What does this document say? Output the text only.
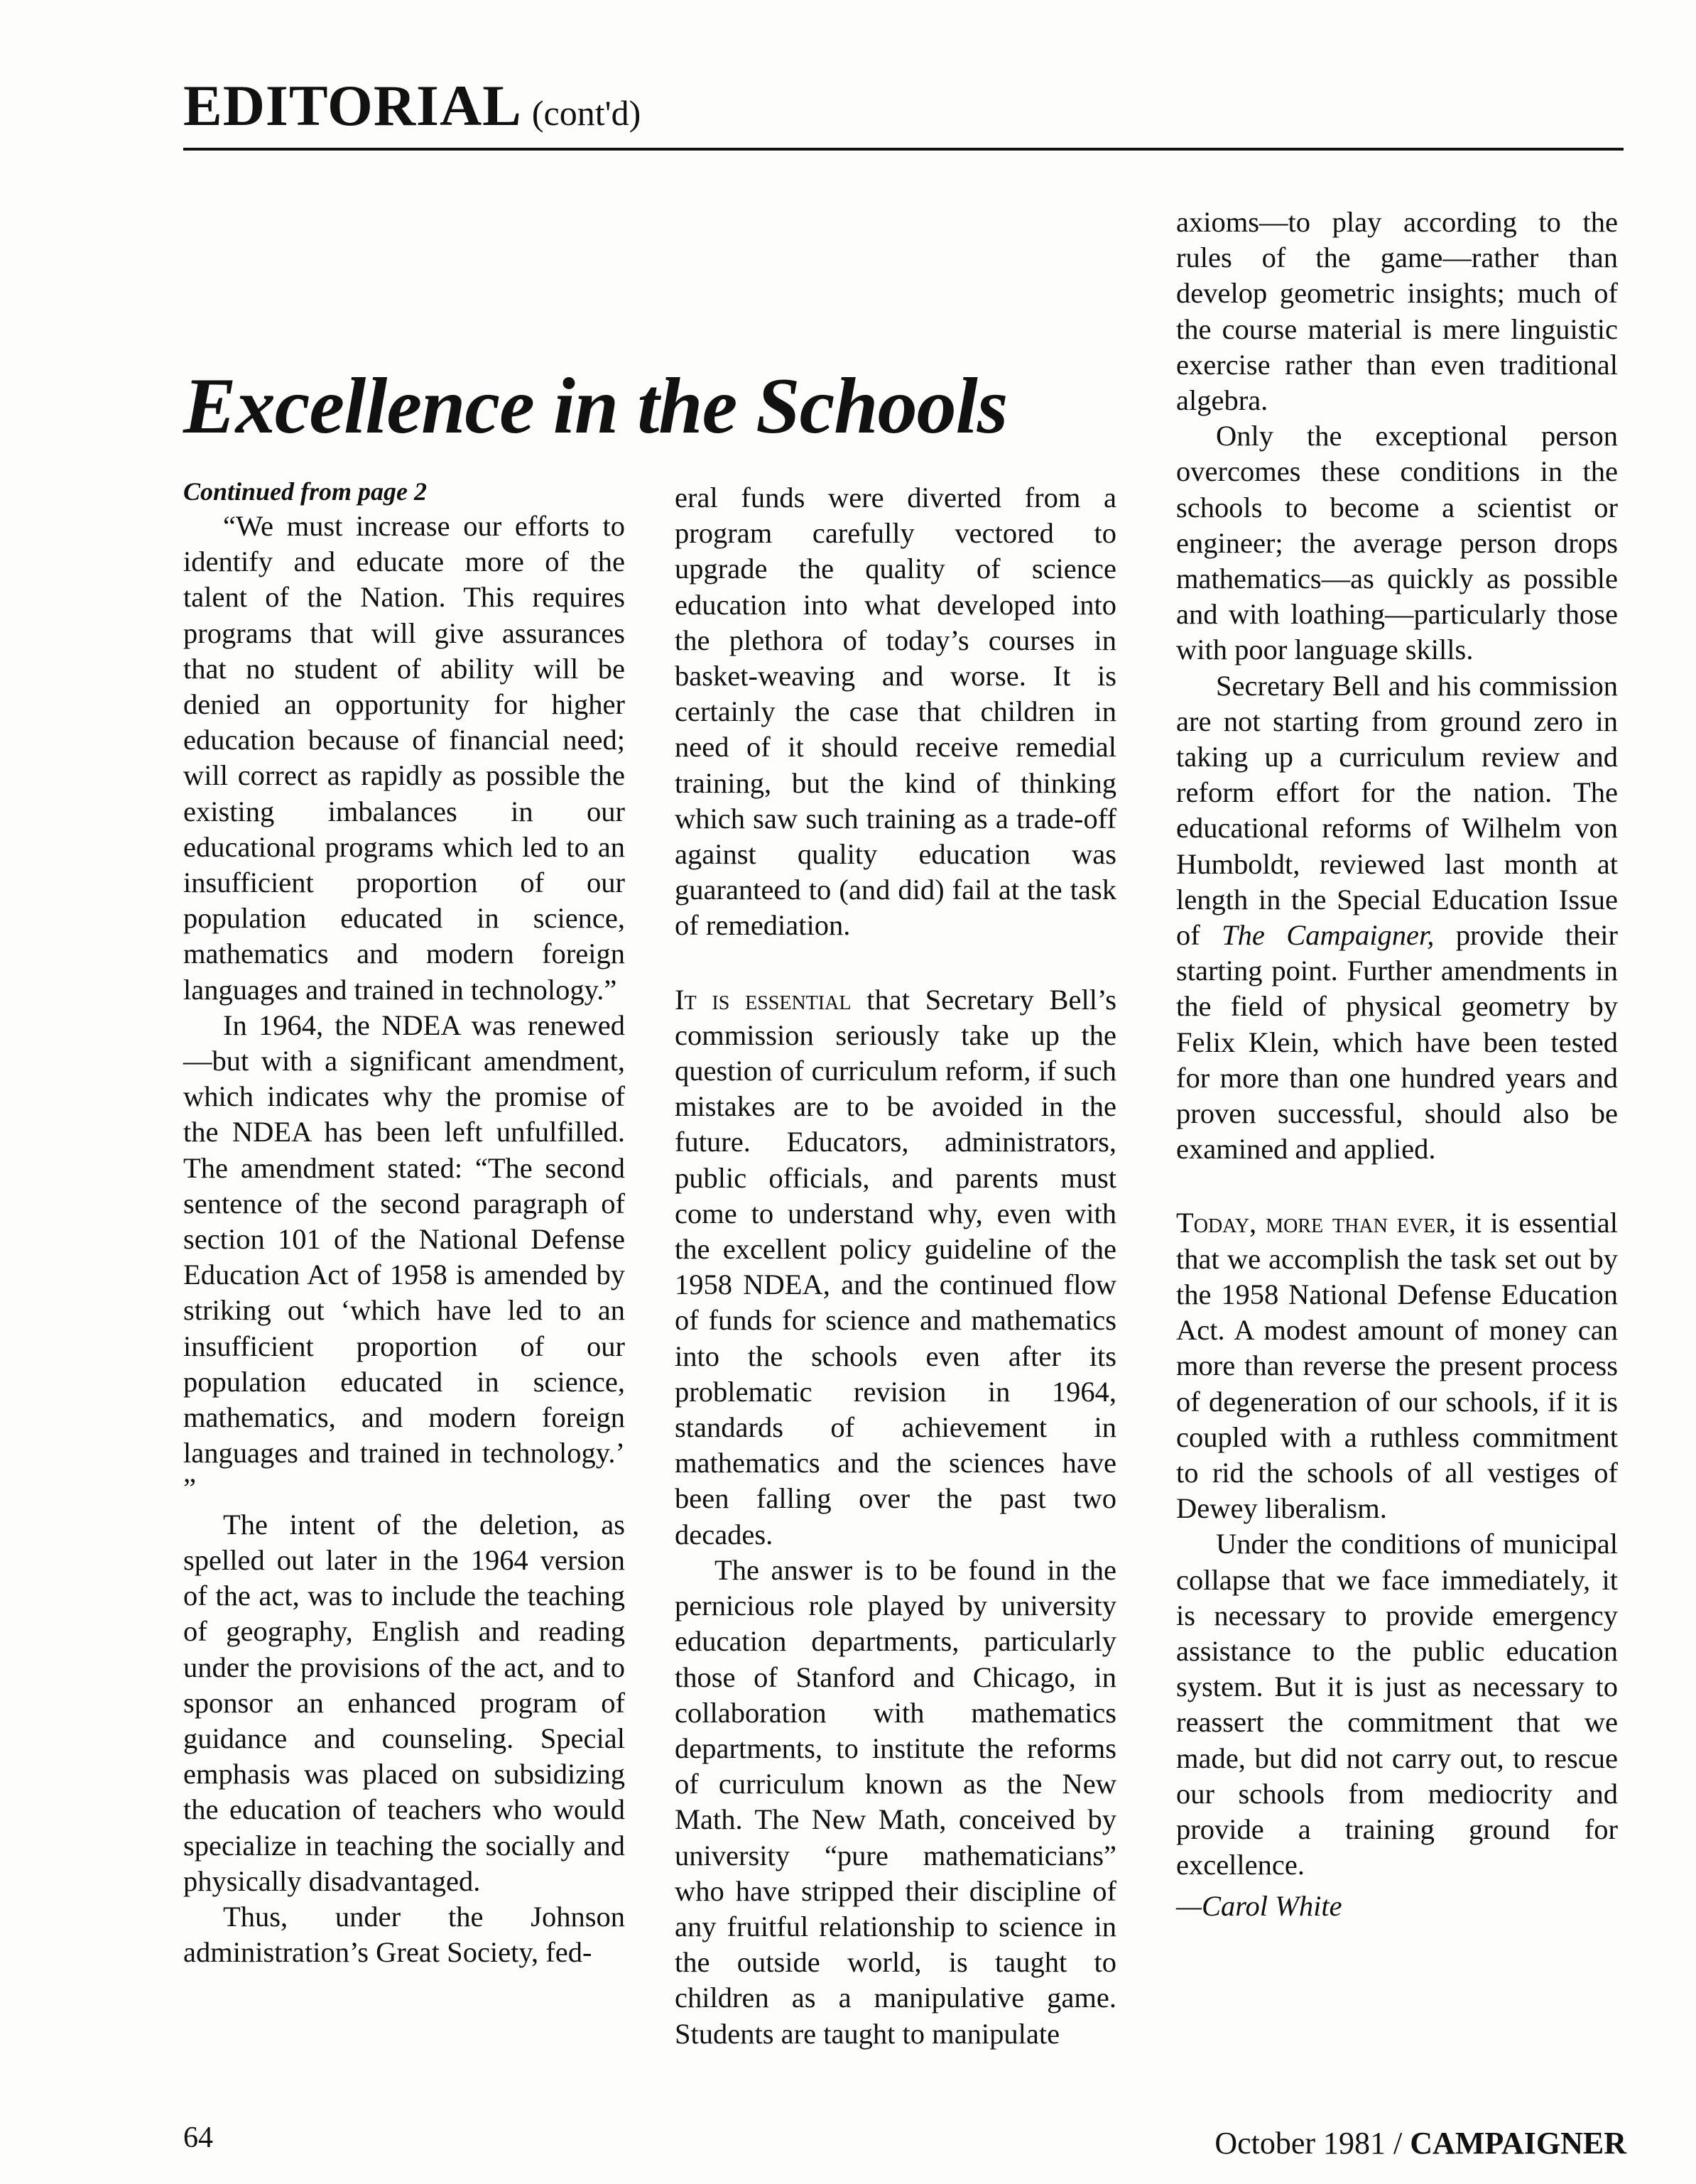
EDITORIAL (cont'd)
Excellence in the Schools

Continued from page 2

“We must increase our efforts to identify and educate more of the talent of the Nation. This requires programs that will give assurances that no student of ability will be denied an opportunity for higher education because of financial need; will correct as rapidly as possible the existing imbalances in our educational programs which led to an insufficient proportion of our population educated in science, mathematics and modern foreign languages and trained in technology.”

In 1964, the NDEA was renewed—but with a significant amendment, which indicates why the promise of the NDEA has been left unfulfilled. The amendment stated: “The second sentence of the second paragraph of section 101 of the National Defense Education Act of 1958 is amended by striking out ‘which have led to an insufficient proportion of our population educated in science, mathematics, and modern foreign languages and trained in technology.’ ”

The intent of the deletion, as spelled out later in the 1964 version of the act, was to include the teaching of geography, English and reading under the provisions of the act, and to sponsor an enhanced program of guidance and counseling. Special emphasis was placed on subsidizing the education of teachers who would specialize in teaching the socially and physically disadvantaged.

Thus, under the Johnson administration’s Great Society, fed-

eral funds were diverted from a program carefully vectored to upgrade the quality of science education into what developed into the plethora of today’s courses in basket-weaving and worse. It is certainly the case that children in need of it should receive remedial training, but the kind of thinking which saw such training as a trade-off against quality education was guaranteed to (and did) fail at the task of remediation.

It is essential that Secretary Bell’s commission seriously take up the question of curriculum reform, if such mistakes are to be avoided in the future. Educators, administrators, public officials, and parents must come to understand why, even with the excellent policy guideline of the 1958 NDEA, and the continued flow of funds for science and mathematics into the schools even after its problematic revision in 1964, standards of achievement in mathematics and the sciences have been falling over the past two decades.

The answer is to be found in the pernicious role played by university education departments, particularly those of Stanford and Chicago, in collaboration with mathematics departments, to institute the reforms of curriculum known as the New Math. The New Math, conceived by university “pure mathematicians” who have stripped their discipline of any fruitful relationship to science in the outside world, is taught to children as a manipulative game. Students are taught to manipulate

axioms—to play according to the rules of the game—rather than develop geometric insights; much of the course material is mere linguistic exercise rather than even traditional algebra.

Only the exceptional person overcomes these conditions in the schools to become a scientist or engineer; the average person drops mathematics—as quickly as possible and with loathing—particularly those with poor language skills.

Secretary Bell and his commission are not starting from ground zero in taking up a curriculum review and reform effort for the nation. The educational reforms of Wilhelm von Humboldt, reviewed last month at length in the Special Education Issue of The Campaigner, provide their starting point. Further amendments in the field of physical geometry by Felix Klein, which have been tested for more than one hundred years and proven successful, should also be examined and applied.

Today, more than ever, it is essential that we accomplish the task set out by the 1958 National Defense Education Act. A modest amount of money can more than reverse the present process of degeneration of our schools, if it is coupled with a ruthless commitment to rid the schools of all vestiges of Dewey liberalism.

Under the conditions of municipal collapse that we face immediately, it is necessary to provide emergency assistance to the public education system. But it is just as necessary to reassert the commitment that we made, but did not carry out, to rescue our schools from mediocrity and provide a training ground for excellence.

—Carol White

64	October 1981 / CAMPAIGNER
